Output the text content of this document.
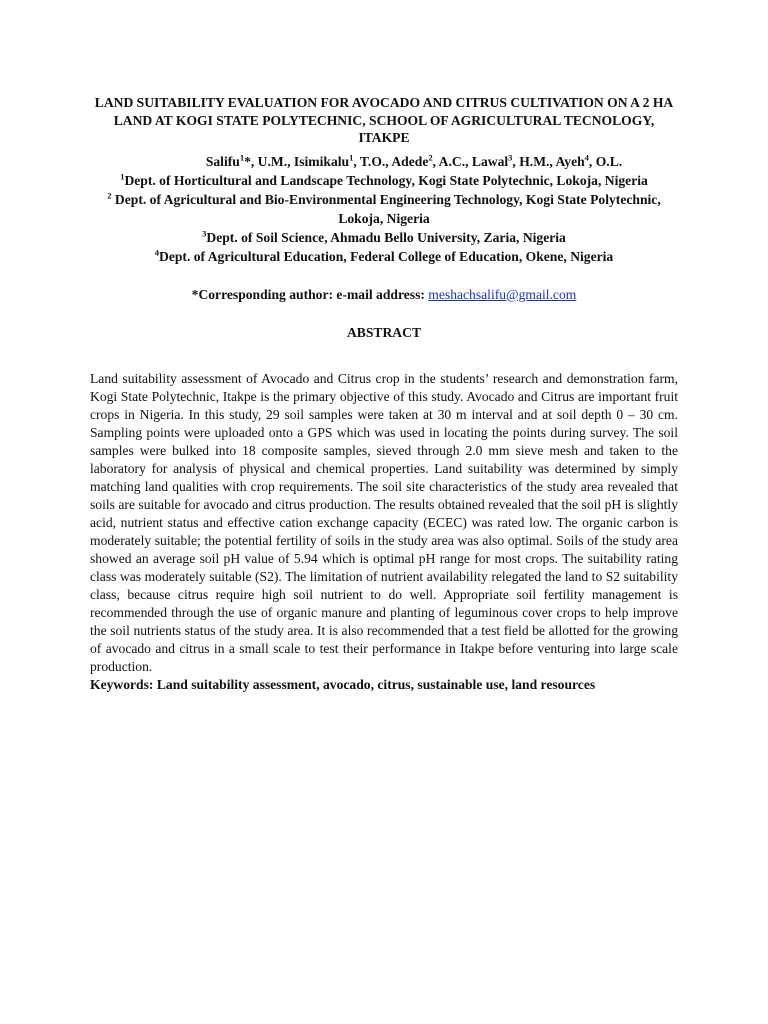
LAND SUITABILITY EVALUATION FOR AVOCADO AND CITRUS CULTIVATION ON A 2 HA LAND AT KOGI STATE POLYTECHNIC, SCHOOL OF AGRICULTURAL TECNOLOGY, ITAKPE

Salifu$^1$*, U.M., Isimikalu$^1$, T.O., Adede$^2$, A.C., Lawal$^3$, H.M., Ayeh$^4$, O.L.

$^1$Dept. of Horticultural and Landscape Technology, Kogi State Polytechnic, Lokoja, Nigeria

$^2$ Dept. of Agricultural and Bio-Environmental Engineering Technology, Kogi State Polytechnic, Lokoja, Nigeria

$^3$Dept. of Soil Science, Ahmadu Bello University, Zaria, Nigeria

$^4$Dept. of Agricultural Education, Federal College of Education, Okene, Nigeria

*Corresponding author: e-mail address: meshachsalifu@gmail.com

ABSTRACT

Land suitability assessment of Avocado and Citrus crop in the students’ research and demonstration farm, Kogi State Polytechnic, Itakpe is the primary objective of this study. Avocado and Citrus are important fruit crops in Nigeria. In this study, 29 soil samples were taken at 30 m interval and at soil depth 0 – 30 cm. Sampling points were uploaded onto a GPS which was used in locating the points during survey. The soil samples were bulked into 18 composite samples, sieved through 2.0 mm sieve mesh and taken to the laboratory for analysis of physical and chemical properties. Land suitability was determined by simply matching land qualities with crop requirements. The soil site characteristics of the study area revealed that soils are suitable for avocado and citrus production. The results obtained revealed that the soil pH is slightly acid, nutrient status and effective cation exchange capacity (ECEC) was rated low. The organic carbon is moderately suitable; the potential fertility of soils in the study area was also optimal. Soils of the study area showed an average soil pH value of 5.94 which is optimal pH range for most crops. The suitability rating class was moderately suitable (S2). The limitation of nutrient availability relegated the land to S2 suitability class, because citrus require high soil nutrient to do well. Appropriate soil fertility management is recommended through the use of organic manure and planting of leguminous cover crops to help improve the soil nutrients status of the study area. It is also recommended that a test field be allotted for the growing of avocado and citrus in a small scale to test their performance in Itakpe before venturing into large scale production.

Keywords: Land suitability assessment, avocado, citrus, sustainable use, land resources
